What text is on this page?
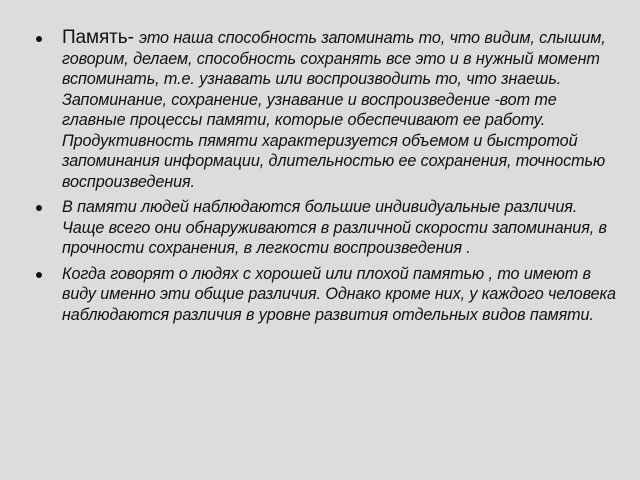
Память- это наша способность запоминать то, что видим, слышим, говорим, делаем, способность сохранять все это и в нужный момент вспоминать, т.е. узнавать или воспроизводить то, что знаешь. Запоминание, сохранение, узнавание и воспроизведение -вот те главные процессы памяти, которые обеспечивают ее работу. Продуктивность пямяти характеризуется объемом и быстротой запоминания информации, длительностью ее сохранения, точностью воспроизведения.
В памяти людей наблюдаются большие индивидуальные различия. Чаще всего они обнаруживаются в различной скорости запоминания, в прочности сохранения, в легкости воспроизведения .
Когда говорят о людях с хорошей или плохой памятью , то имеют в виду именно эти общие различия. Однако кроме них, у каждого человека наблюдаются различия в уровне развития отдельных видов памяти.
